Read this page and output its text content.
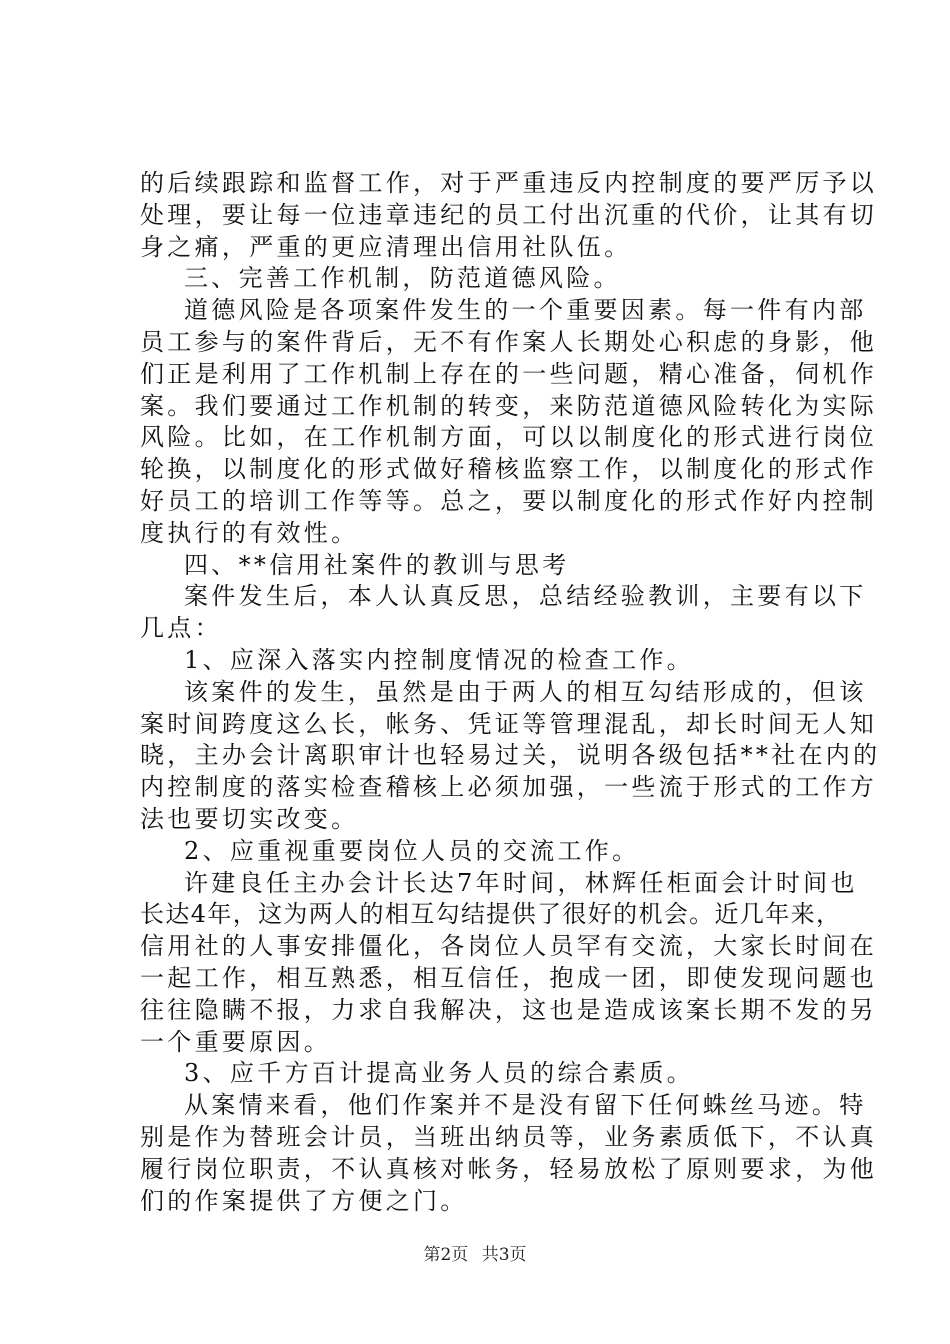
的后续跟踪和监督工作，对于严重违反内控制度的要严厉予以
处理，要让每一位违章违纪的员工付出沉重的代价，让其有切
身之痛，严重的更应清理出信用社队伍。
三、完善工作机制，防范道德风险。
道德风险是各项案件发生的一个重要因素。每一件有内部
员工参与的案件背后，无不有作案人长期处心积虑的身影，他
们正是利用了工作机制上存在的一些问题，精心准备，伺机作
案。我们要通过工作机制的转变，来防范道德风险转化为实际
风险。比如，在工作机制方面，可以以制度化的形式进行岗位
轮换，以制度化的形式做好稽核监察工作，以制度化的形式作
好员工的培训工作等等。总之，要以制度化的形式作好内控制
度执行的有效性。
四、**信用社案件的教训与思考
案件发生后，本人认真反思，总结经验教训，主要有以下
几点：
1、应深入落实内控制度情况的检查工作。
该案件的发生，虽然是由于两人的相互勾结形成的，但该
案时间跨度这么长，帐务、凭证等管理混乱，却长时间无人知
晓，主办会计离职审计也轻易过关，说明各级包括**社在内的
内控制度的落实检查稽核上必须加强，一些流于形式的工作方
法也要切实改变。
2、应重视重要岗位人员的交流工作。
许建良任主办会计长达7年时间，林辉任柜面会计时间也
长达4年，这为两人的相互勾结提供了很好的机会。近几年来，
信用社的人事安排僵化，各岗位人员罕有交流，大家长时间在
一起工作，相互熟悉，相互信任，抱成一团，即使发现问题也
往往隐瞒不报，力求自我解决，这也是造成该案长期不发的另
一个重要原因。
3、应千方百计提高业务人员的综合素质。
从案情来看，他们作案并不是没有留下任何蛛丝马迹。特
别是作为替班会计员，当班出纳员等，业务素质低下，不认真
履行岗位职责，不认真核对帐务，轻易放松了原则要求，为他
们的作案提供了方便之门。
第2页 共3页
